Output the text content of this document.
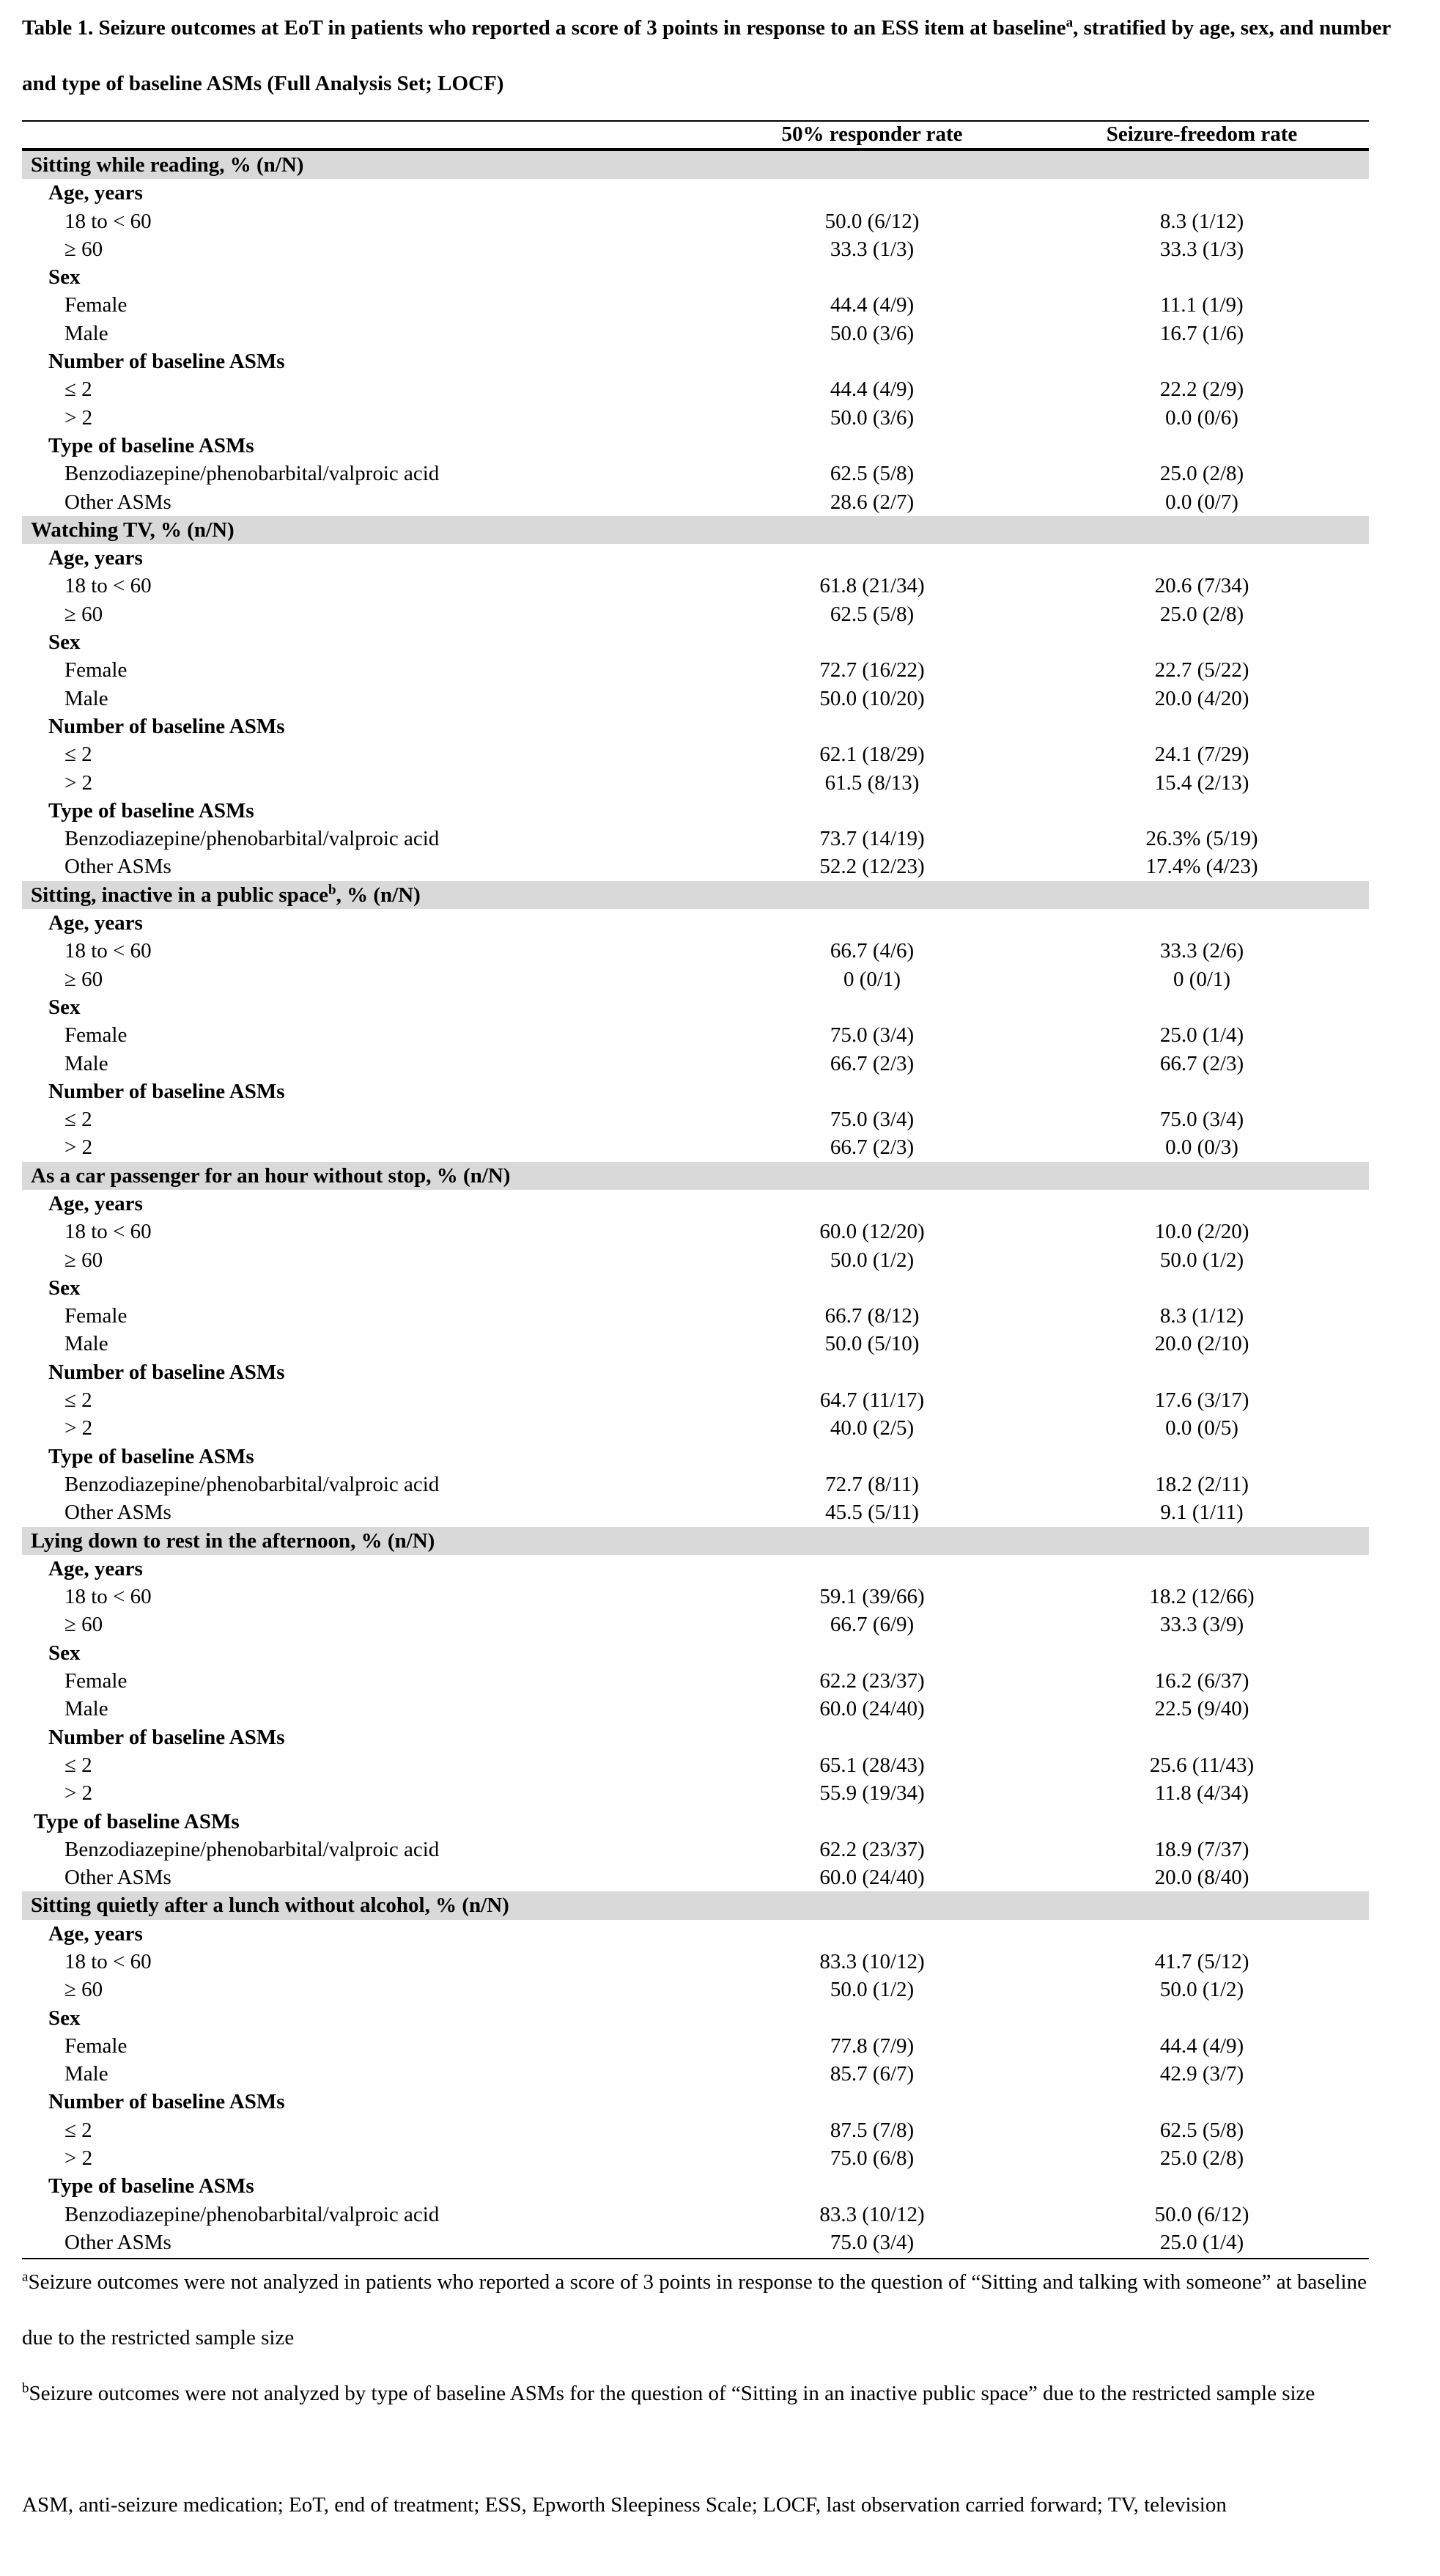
Table 1. Seizure outcomes at EoT in patients who reported a score of 3 points in response to an ESS item at baseline$^a$, stratified by age, sex, and number and type of baseline ASMs (Full Analysis Set; LOCF)
50% responder rate	Seizure-freedom rate
Sitting while reading, % (n/N)
Age, years
18 to < 60	50.0 (6/12)	8.3 (1/12)
≥ 60	33.3 (1/3)	33.3 (1/3)
Sex
Female	44.4 (4/9)	11.1 (1/9)
Male	50.0 (3/6)	16.7 (1/6)
Number of baseline ASMs
≤ 2	44.4 (4/9)	22.2 (2/9)
> 2	50.0 (3/6)	0.0 (0/6)
Type of baseline ASMs
Benzodiazepine/phenobarbital/valproic acid	62.5 (5/8)	25.0 (2/8)
Other ASMs	28.6 (2/7)	0.0 (0/7)
Watching TV, % (n/N)
Age, years
18 to < 60	61.8 (21/34)	20.6 (7/34)
≥ 60	62.5 (5/8)	25.0 (2/8)
Sex
Female	72.7 (16/22)	22.7 (5/22)
Male	50.0 (10/20)	20.0 (4/20)
Number of baseline ASMs
≤ 2	62.1 (18/29)	24.1 (7/29)
> 2	61.5 (8/13)	15.4 (2/13)
Type of baseline ASMs
Benzodiazepine/phenobarbital/valproic acid	73.7 (14/19)	26.3% (5/19)
Other ASMs	52.2 (12/23)	17.4% (4/23)
Sitting, inactive in a public space$^b$, % (n/N)
Age, years
18 to < 60	66.7 (4/6)	33.3 (2/6)
≥ 60	0 (0/1)	0 (0/1)
Sex
Female	75.0 (3/4)	25.0 (1/4)
Male	66.7 (2/3)	66.7 (2/3)
Number of baseline ASMs
≤ 2	75.0 (3/4)	75.0 (3/4)
> 2	66.7 (2/3)	0.0 (0/3)
As a car passenger for an hour without stop, % (n/N)
Age, years
18 to < 60	60.0 (12/20)	10.0 (2/20)
≥ 60	50.0 (1/2)	50.0 (1/2)
Sex
Female	66.7 (8/12)	8.3 (1/12)
Male	50.0 (5/10)	20.0 (2/10)
Number of baseline ASMs
≤ 2	64.7 (11/17)	17.6 (3/17)
> 2	40.0 (2/5)	0.0 (0/5)
Type of baseline ASMs
Benzodiazepine/phenobarbital/valproic acid	72.7 (8/11)	18.2 (2/11)
Other ASMs	45.5 (5/11)	9.1 (1/11)
Lying down to rest in the afternoon, % (n/N)
Age, years
18 to < 60	59.1 (39/66)	18.2 (12/66)
≥ 60	66.7 (6/9)	33.3 (3/9)
Sex
Female	62.2 (23/37)	16.2 (6/37)
Male	60.0 (24/40)	22.5 (9/40)
Number of baseline ASMs
≤ 2	65.1 (28/43)	25.6 (11/43)
> 2	55.9 (19/34)	11.8 (4/34)
Type of baseline ASMs
Benzodiazepine/phenobarbital/valproic acid	62.2 (23/37)	18.9 (7/37)
Other ASMs	60.0 (24/40)	20.0 (8/40)
Sitting quietly after a lunch without alcohol, % (n/N)
Age, years
18 to < 60	83.3 (10/12)	41.7 (5/12)
≥ 60	50.0 (1/2)	50.0 (1/2)
Sex
Female	77.8 (7/9)	44.4 (4/9)
Male	85.7 (6/7)	42.9 (3/7)
Number of baseline ASMs
≤ 2	87.5 (7/8)	62.5 (5/8)
> 2	75.0 (6/8)	25.0 (2/8)
Type of baseline ASMs
Benzodiazepine/phenobarbital/valproic acid	83.3 (10/12)	50.0 (6/12)
Other ASMs	75.0 (3/4)	25.0 (1/4)
$^a$Seizure outcomes were not analyzed in patients who reported a score of 3 points in response to the question of “Sitting and talking with someone” at baseline due to the restricted sample size
$^b$Seizure outcomes were not analyzed by type of baseline ASMs for the question of “Sitting in an inactive public space” due to the restricted sample size
ASM, anti-seizure medication; EoT, end of treatment; ESS, Epworth Sleepiness Scale; LOCF, last observation carried forward; TV, television
